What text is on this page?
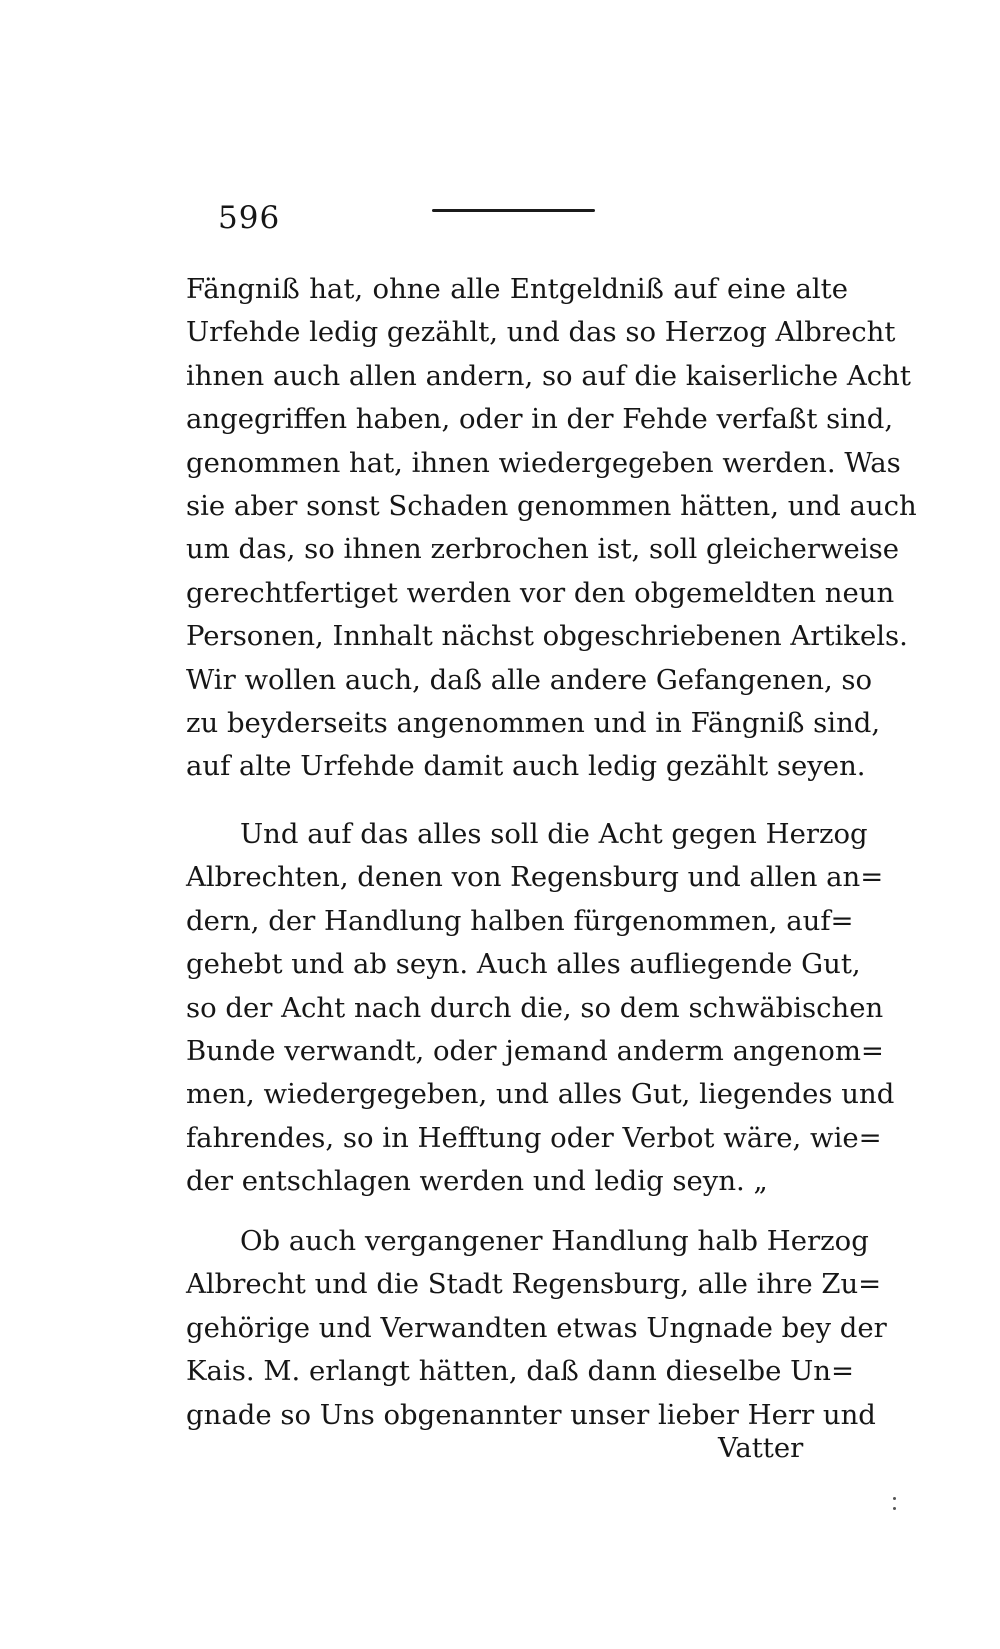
596
Fängniß hat, ohne alle Entgeldniß auf eine alte
Urfehde ledig gezählt, und das so Herzog Albrecht
ihnen auch allen andern, so auf die kaiserliche Acht
angegriffen haben, oder in der Fehde verfaßt sind,
genommen hat, ihnen wiedergegeben werden. Was
sie aber sonst Schaden genommen hätten, und auch
um das, so ihnen zerbrochen ist, soll gleicherweise
gerechtfertiget werden vor den obgemeldten neun
Personen, Innhalt nächst obgeschriebenen Artikels.
Wir wollen auch, daß alle andere Gefangenen, so
zu beyderseits angenommen und in Fängniß sind,
auf alte Urfehde damit auch ledig gezählt seyen.
Und auf das alles soll die Acht gegen Herzog
Albrechten, denen von Regensburg und allen an=
dern, der Handlung halben fürgenommen, auf=
gehebt und ab seyn. Auch alles aufliegende Gut,
so der Acht nach durch die, so dem schwäbischen
Bunde verwandt, oder jemand anderm angenom=
men, wiedergegeben, und alles Gut, liegendes und
fahrendes, so in Hefftung oder Verbot wäre, wie=
der entschlagen werden und ledig seyn. „
Ob auch vergangener Handlung halb Herzog
Albrecht und die Stadt Regensburg, alle ihre Zu=
gehörige und Verwandten etwas Ungnade bey der
Kais. M. erlangt hätten, daß dann dieselbe Un=
gnade so Uns obgenannter unser lieber Herr und
Vatter
